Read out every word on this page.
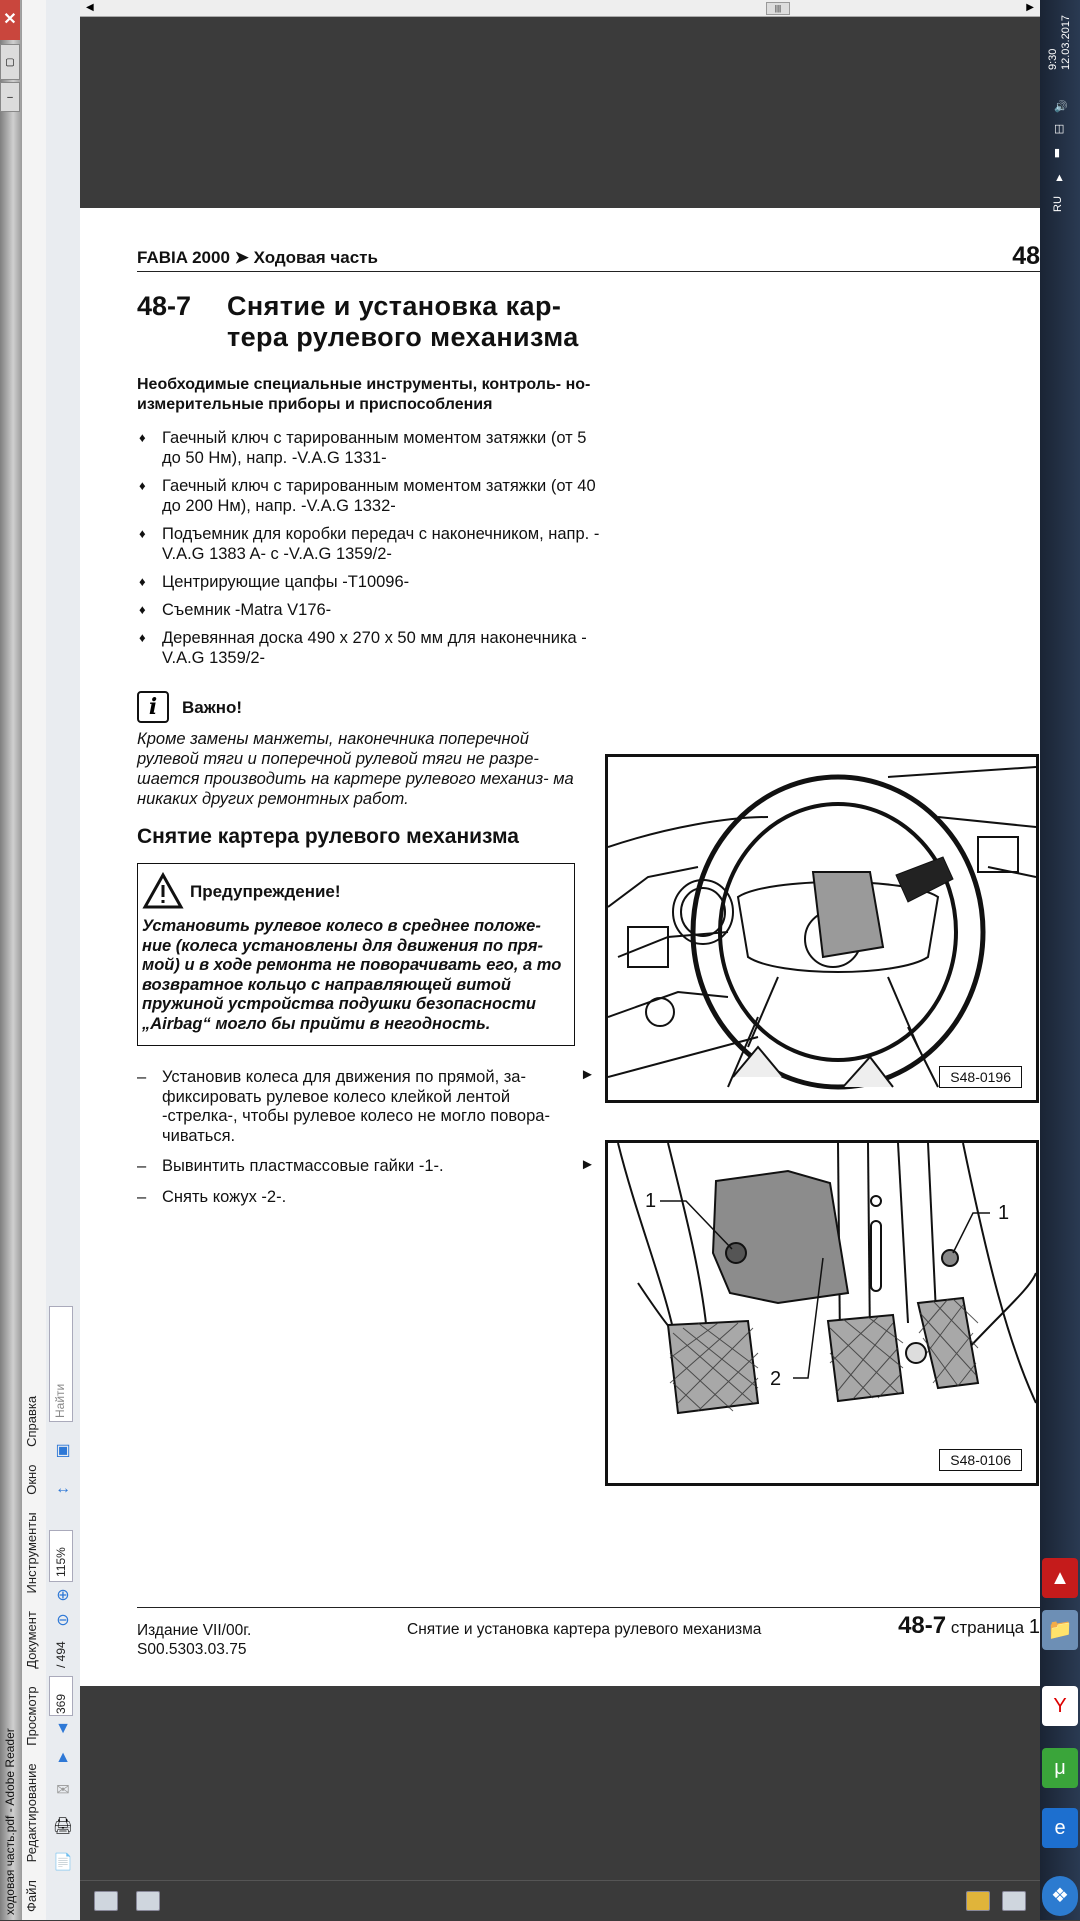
✕
▢
–
ходовая часть.pdf - Adobe Reader Файл Редактирование Просмотр Документ Инструменты Окно Справка
📄
🖨
✉
▲
▼
369
/ 494
⊖
⊕
115%
↔
▣
Найти
◀	|||	▶
FABIA 2000 ➤ Ходовая часть	48
48-7 Снятие и установка кар- тера рулевого механизма
Необходимые специальные инструменты, контроль- но-измерительные приборы и приспособления
♦ Гаечный ключ с тарированным моментом затяжки (от 5 до 50 Нм), напр. -V.A.G 1331-
♦ Гаечный ключ с тарированным моментом затяжки (от 40 до 200 Нм), напр. -V.A.G 1332-
♦ Подъемник для коробки передач с наконечником, напр. -V.A.G 1383 A- с -V.A.G 1359/2-
♦ Центрирующие цапфы -T10096-
♦ Съемник -Matra V176-
♦ Деревянная доска 490 x 270 x 50 мм для наконечника -V.A.G 1359/2-
i	Важно!
Кроме замены манжеты, наконечника поперечной рулевой тяги и поперечной рулевой тяги не разре- шается производить на картере рулевого механиз- ма никаких других ремонтных работ.
Снятие картера рулевого механизма
Предупреждение!
Установить рулевое колесо в среднее положе- ние (колеса установлены для движения по пря- мой) и в ходе ремонта не поворачивать его, а то возвратное кольцо с направляющей витой пружиной устройства подушки безопасности „Airbag“ могло бы прийти в негодность.
– Установив колеса для движения по прямой, за- фиксировать рулевое колесо клейкой лентой -стрелка-, чтобы рулевое колесо не могло повора- чиваться.
– Вывинтить пластмассовые гайки -1-.
– Снять кожух -2-.
►
►
S48-0196
1
1
2
S48-0106
Издание VII/00г.
S00.5303.03.75
Снятие и установка картера рулевого механизма	48-7 страница 1
9:30 12.03.2017
🔊
◫
▮
▲
RU
▲
📁
Y
μ
e
❖
